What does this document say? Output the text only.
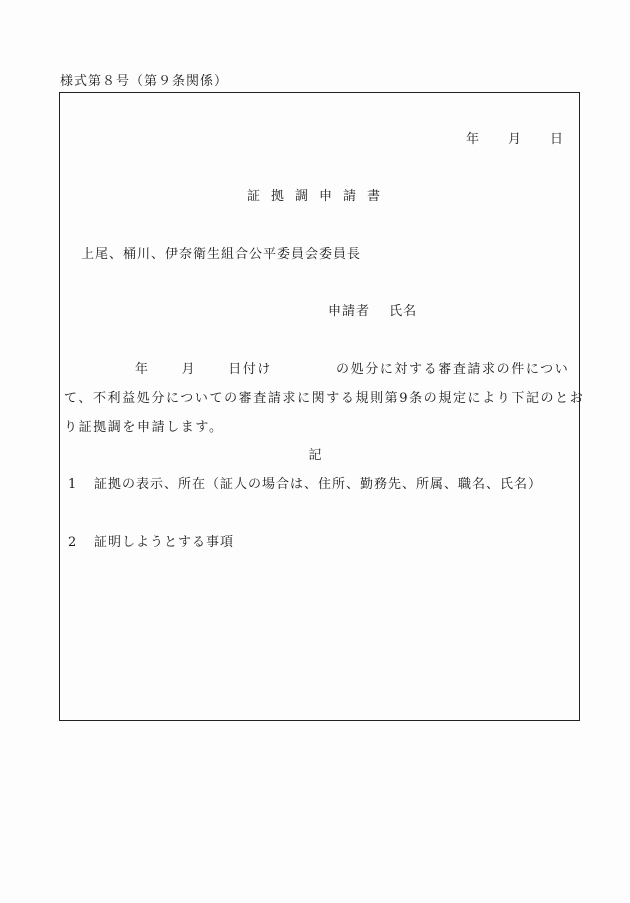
様式第８号（第９条関係）
年	月	日
証拠調申請書
上尾、桶川、伊奈衛生組合公平委員会委員長
申請者 氏名
年 月 日付け	の処分に対する審査請求の件につい
て、不利益処分についての審査請求に関する規則第9条の規定により下記のとお
り証拠調を申請します。
記
1 証拠の表示、所在（証人の場合は、住所、勤務先、所属、職名、氏名）
2 証明しようとする事項
